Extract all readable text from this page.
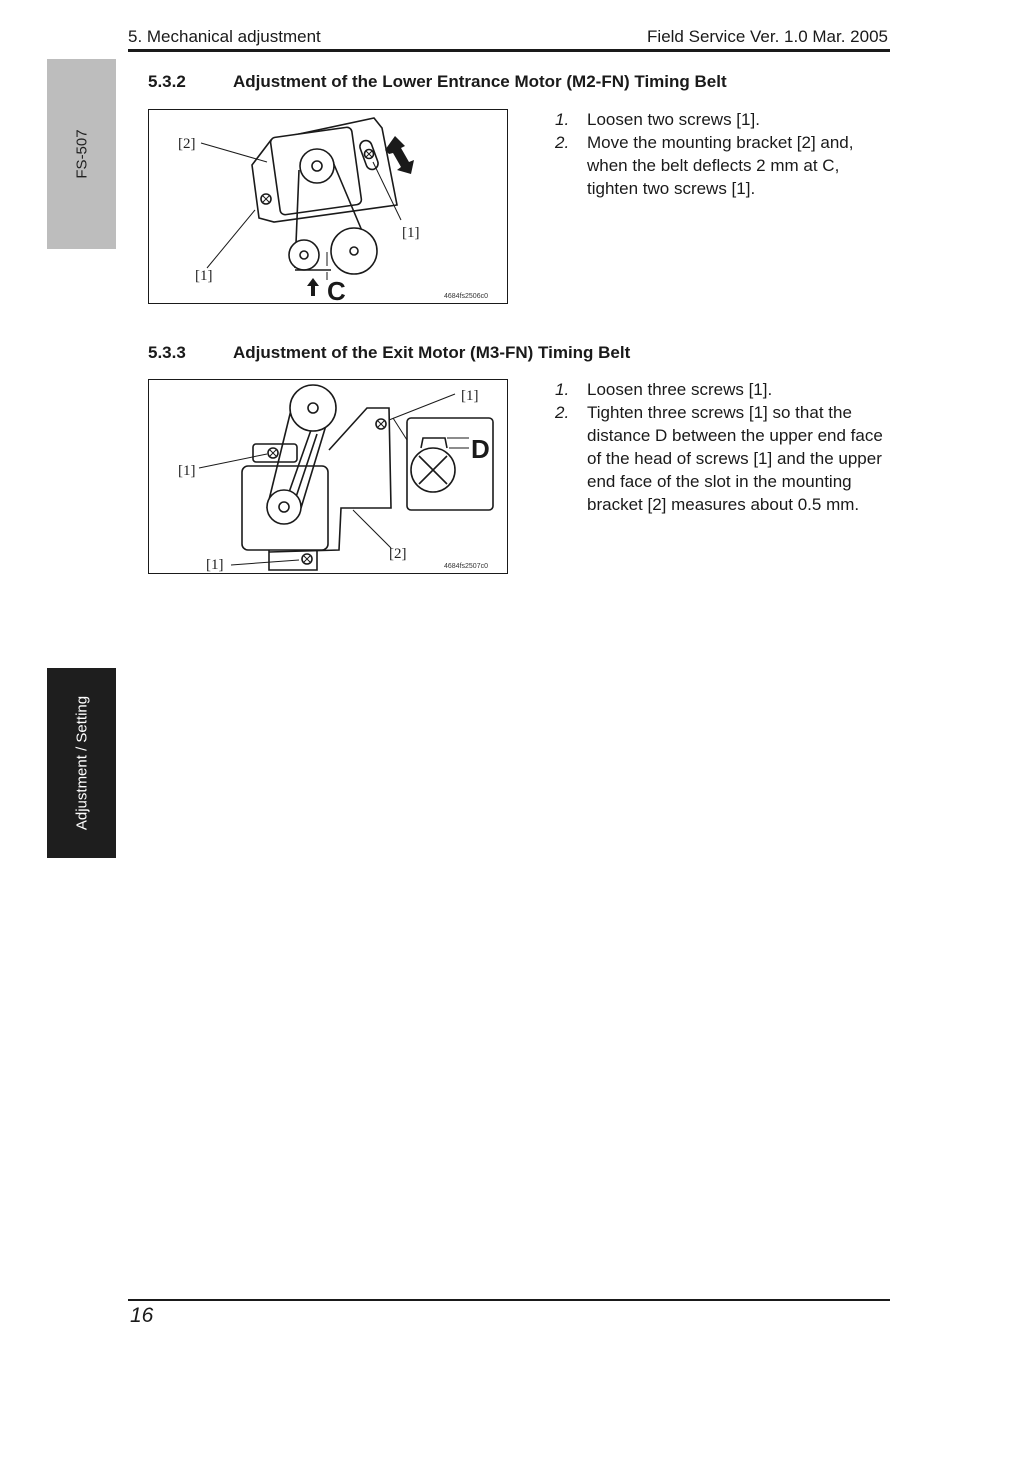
5. Mechanical adjustment	Field Service Ver. 1.0 Mar. 2005
FS-507
Adjustment / Setting
5.3.2	Adjustment of the Lower Entrance Motor (M2-FN) Timing Belt
[2]
[1]
[1]	C	4684fs2506c0
1. Loosen two screws [1].
2. Move the mounting bracket [2] and, when the belt deflects 2 mm at C, tighten two screws [1].
5.3.3	Adjustment of the Exit Motor (M3-FN) Timing Belt
[1]
[1]
[1]
[2]
D
4684fs2507c0
1. Loosen three screws [1].
2. Tighten three screws [1] so that the distance D between the upper end face of the head of screws [1] and the upper end face of the slot in the mounting bracket [2] measures about 0.5 mm.
16
